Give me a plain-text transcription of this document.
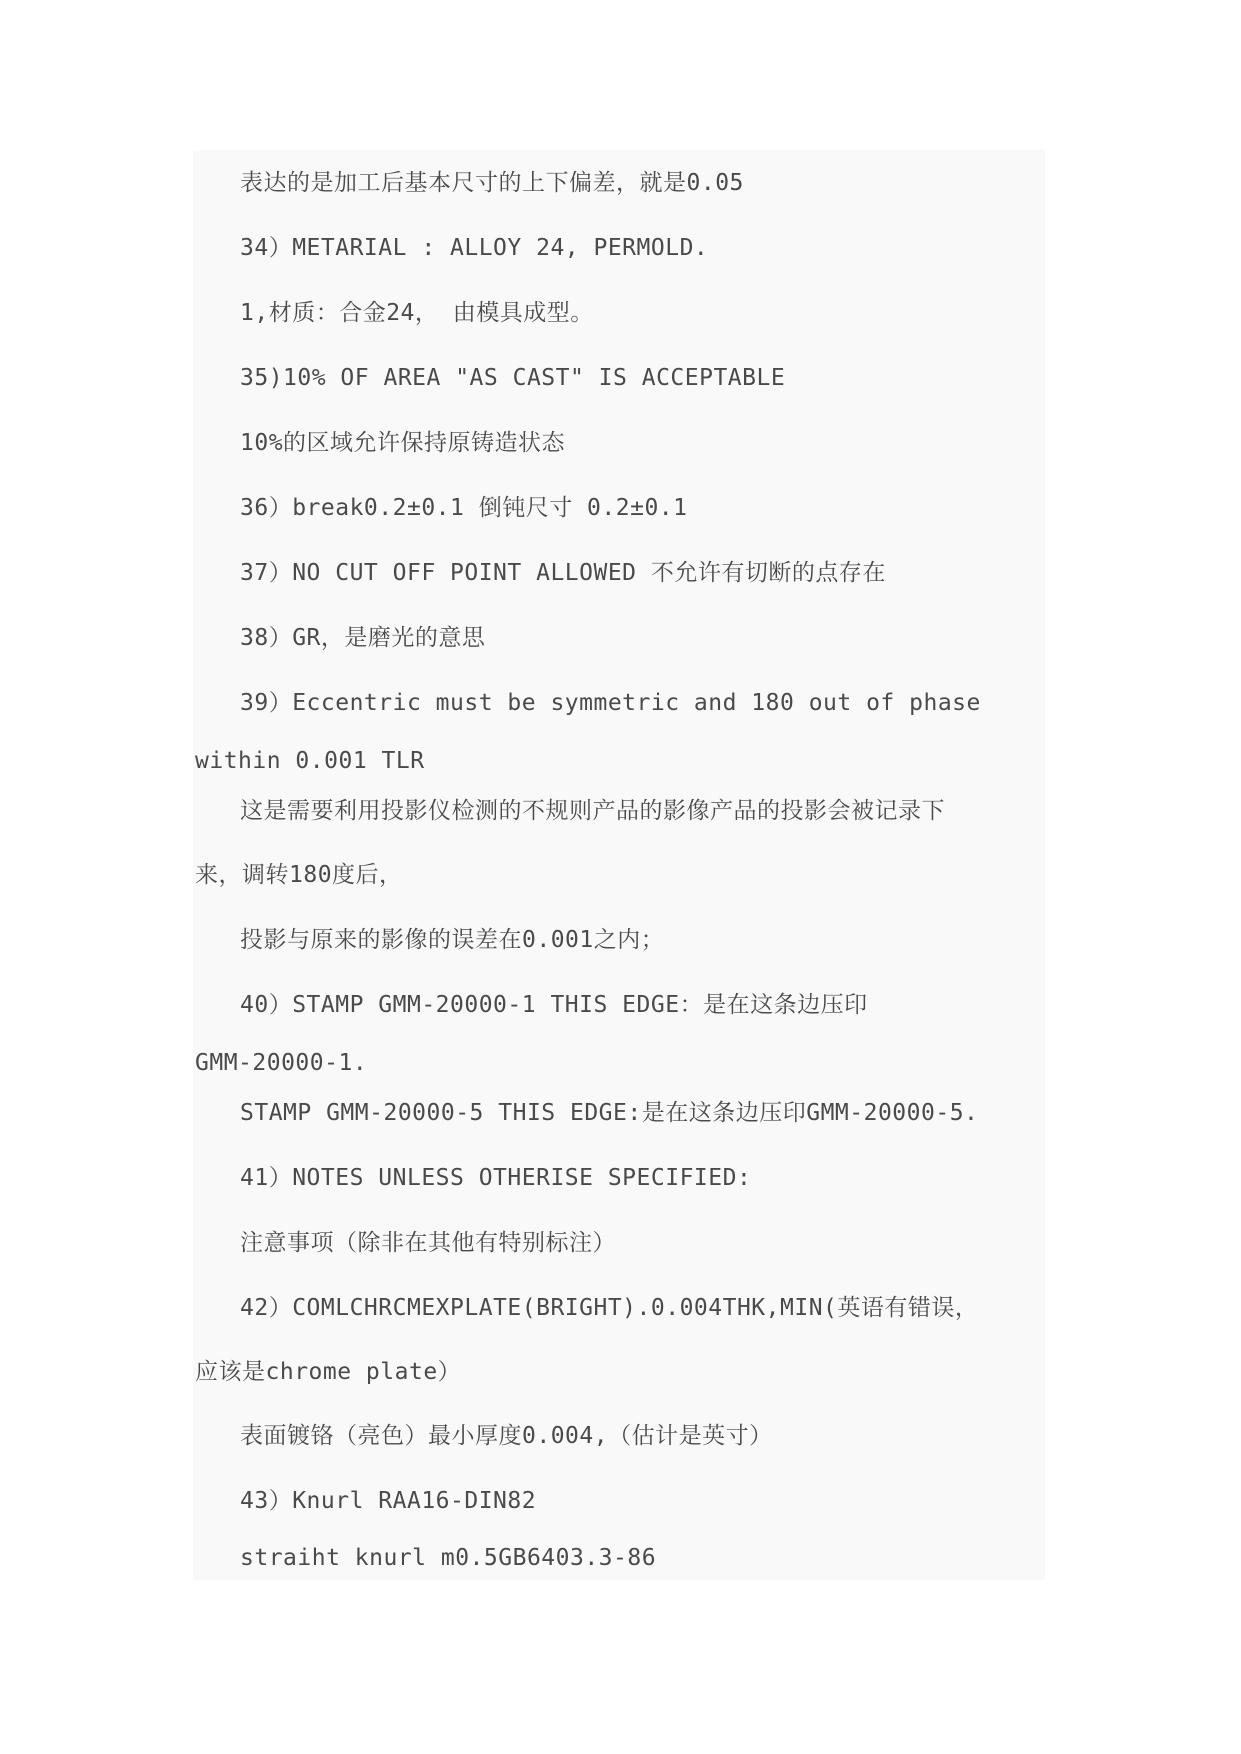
表达的是加工后基本尺寸的上下偏差，就是0.05
34）METARIAL : ALLOY 24, PERMOLD.
1,材质：合金24， 由模具成型。
35)10% OF AREA "AS CAST" IS ACCEPTABLE
10%的区域允许保持原铸造状态
36）break0.2±0.1 倒钝尺寸 0.2±0.1
37）NO CUT OFF POINT ALLOWED 不允许有切断的点存在
38）GR，是磨光的意思
39）Eccentric must be symmetric and 180 out of phase
within 0.001 TLR
这是需要利用投影仪检测的不规则产品的影像产品的投影会被记录下
来，调转180度后，
投影与原来的影像的误差在0.001之内；
40）STAMP GMM-20000-1 THIS EDGE：是在这条边压印
GMM-20000-1.
STAMP GMM-20000-5 THIS EDGE:是在这条边压印GMM-20000-5.
41）NOTES UNLESS OTHERISE SPECIFIED:
注意事项（除非在其他有特别标注）
42）COMLCHRCMEXPLATE(BRIGHT).0.004THK,MIN(英语有错误，
应该是chrome plate）
表面镀铬（亮色）最小厚度0.004,（估计是英寸）
43）Knurl RAA16-DIN82
straiht knurl m0.5GB6403.3-86
